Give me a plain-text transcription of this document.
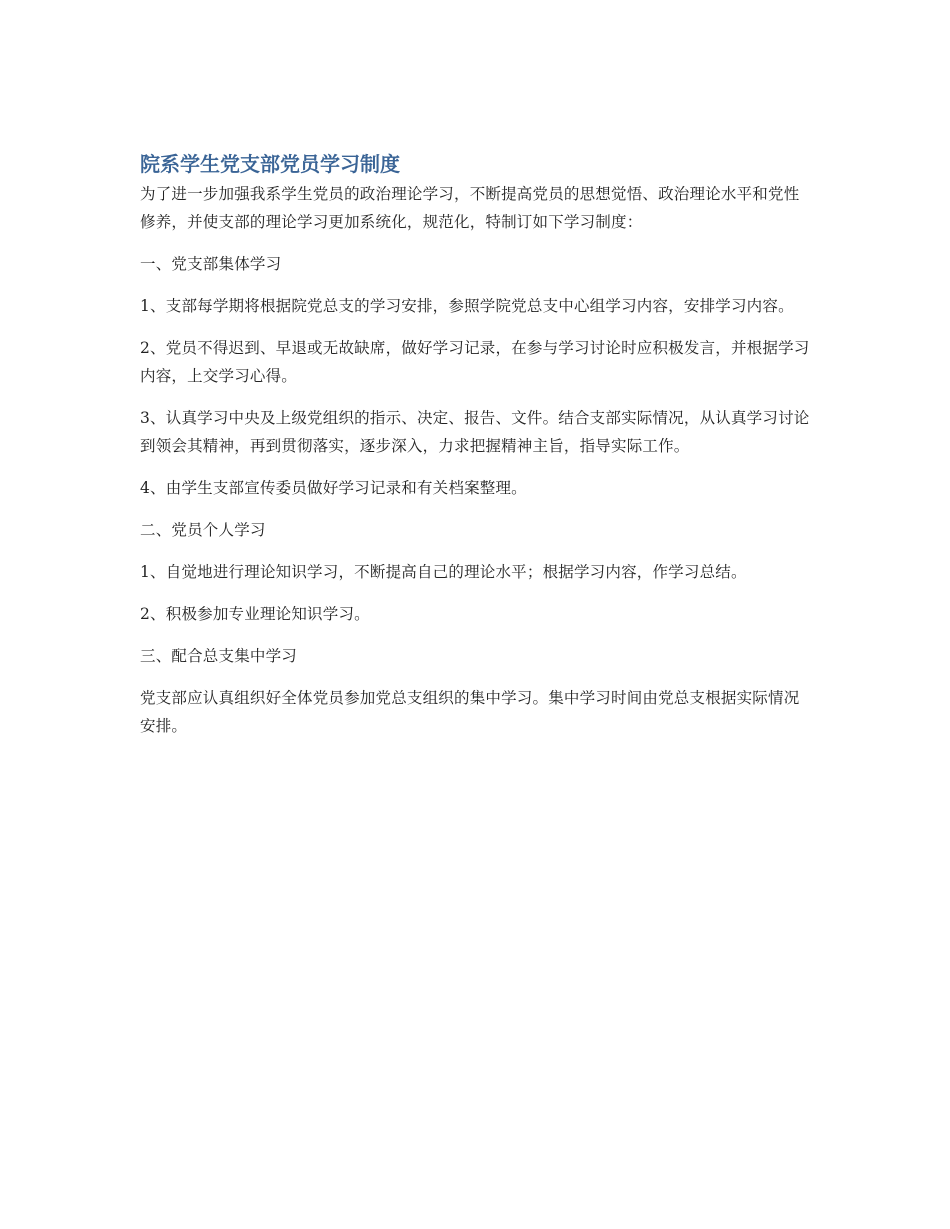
院系学生党支部党员学习制度

为了进一步加强我系学生党员的政治理论学习，不断提高党员的思想觉悟、政治理论水平和党性修养，并使支部的理论学习更加系统化，规范化，特制订如下学习制度：

一、党支部集体学习

1、支部每学期将根据院党总支的学习安排，参照学院党总支中心组学习内容，安排学习内容。

2、党员不得迟到、早退或无故缺席，做好学习记录，在参与学习讨论时应积极发言，并根据学习内容，上交学习心得。

3、认真学习中央及上级党组织的指示、决定、报告、文件。结合支部实际情况，从认真学习讨论到领会其精神，再到贯彻落实，逐步深入，力求把握精神主旨，指导实际工作。

4、由学生支部宣传委员做好学习记录和有关档案整理。

二、党员个人学习

1、自觉地进行理论知识学习，不断提高自己的理论水平；根据学习内容，作学习总结。

2、积极参加专业理论知识学习。

三、配合总支集中学习

党支部应认真组织好全体党员参加党总支组织的集中学习。集中学习时间由党总支根据实际情况安排。
